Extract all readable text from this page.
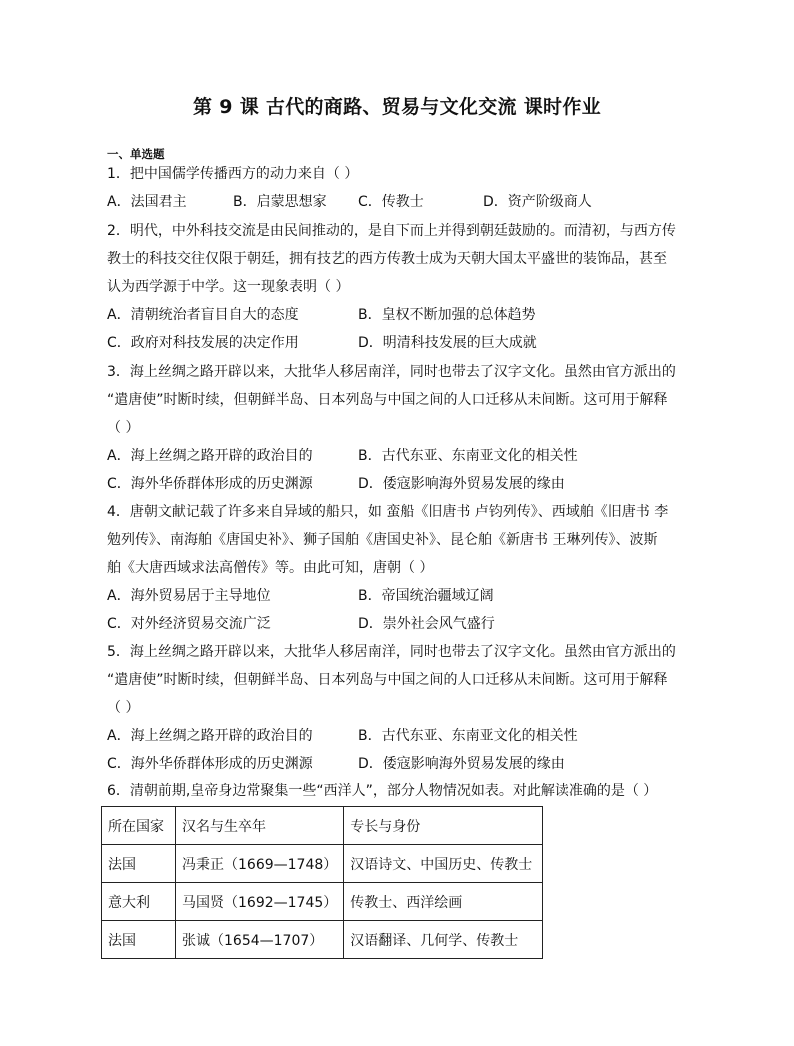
第 9 课 古代的商路、贸易与文化交流 课时作业
一、单选题
1．把中国儒学传播西方的动力来自（ ）
A．法国君主	B．启蒙思想家 C．传教士	D．资产阶级商人
2．明代，中外科技交流是由民间推动的，是自下而上并得到朝廷鼓励的。而清初，与西方传
教士的科技交往仅限于朝廷，拥有技艺的西方传教士成为天朝大国太平盛世的装饰品，甚至
认为西学源于中学。这一现象表明（ ）
A．清朝统治者盲目自大的态度	B．皇权不断加强的总体趋势
C．政府对科技发展的决定作用	D．明清科技发展的巨大成就
3．海上丝绸之路开辟以来，大批华人移居南洋，同时也带去了汉字文化。虽然由官方派出的
“遣唐使”时断时续，但朝鲜半岛、日本列岛与中国之间的人口迁移从未间断。这可用于解释
（ ）
A．海上丝绸之路开辟的政治目的	B．古代东亚、东南亚文化的相关性
C．海外华侨群体形成的历史渊源	D．倭寇影响海外贸易发展的缘由
4．唐朝文献记载了许多来自异域的船只，如 蛮船《旧唐书 卢钧列传》、西域舶《旧唐书 李
勉列传》、南海舶《唐国史补》、狮子国舶《唐国史补》、昆仑舶《新唐书 王琳列传》、波斯
舶《大唐西域求法高僧传》等。由此可知，唐朝（ ）
A．海外贸易居于主导地位	B．帝国统治疆域辽阔
C．对外经济贸易交流广泛	D．崇外社会风气盛行
5．海上丝绸之路开辟以来，大批华人移居南洋，同时也带去了汉字文化。虽然由官方派出的
“遣唐使”时断时续，但朝鲜半岛、日本列岛与中国之间的人口迁移从未间断。这可用于解释
（ ）
A．海上丝绸之路开辟的政治目的	B．古代东亚、东南亚文化的相关性
C．海外华侨群体形成的历史渊源	D．倭寇影响海外贸易发展的缘由
6．清朝前期,皇帝身边常聚集一些“西洋人”，部分人物情况如表。对此解读准确的是（ ）
所在国家	汉名与生卒年	专长与身份
法国	冯秉正（1669—1748）	汉语诗文、中国历史、传教士
意大利	马国贤（1692—1745）	传教士、西洋绘画
法国	张诚（1654—1707）	汉语翻译、几何学、传教士
